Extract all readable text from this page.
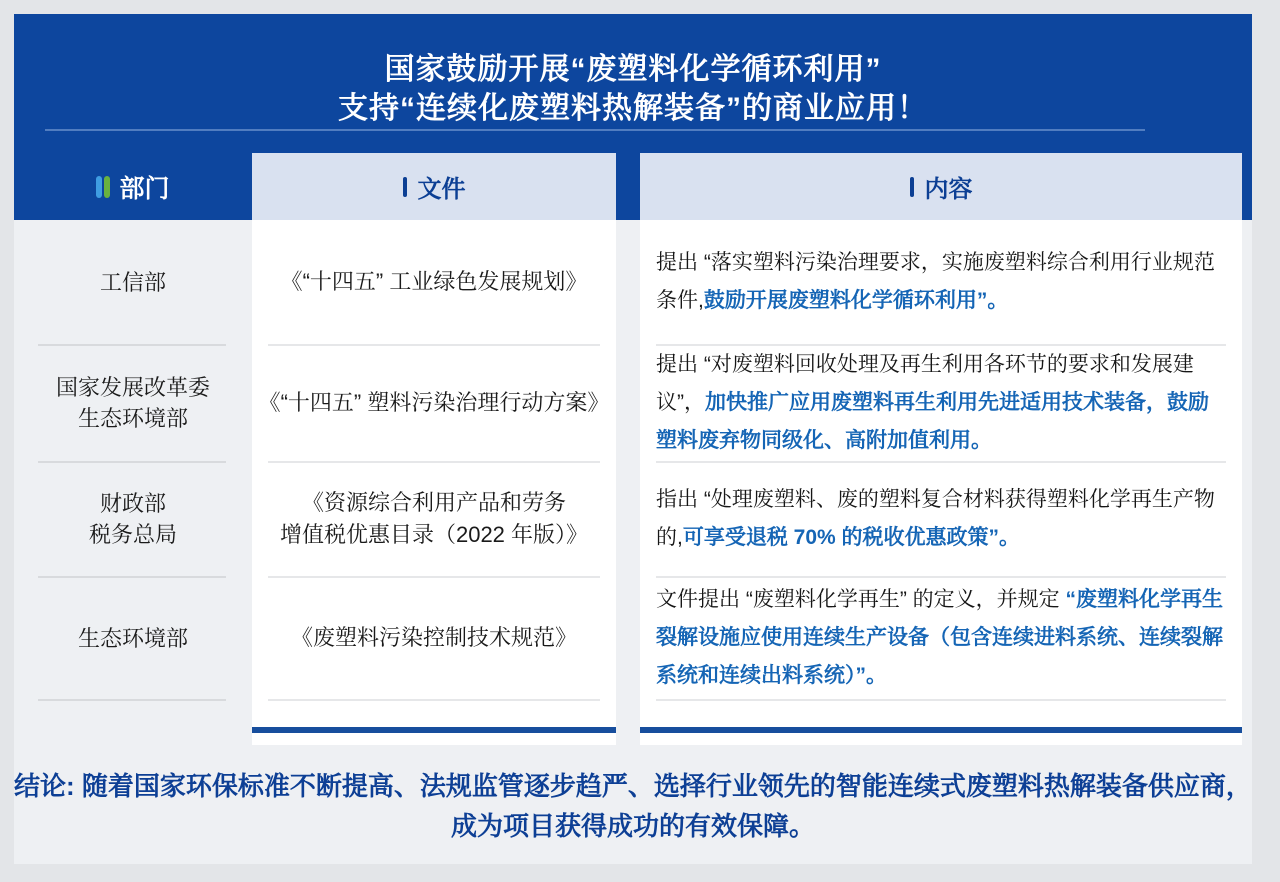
国家鼓励开展“废塑料化学循环利用”
支持“连续化废塑料热解装备”的商业应用！
部门	文件	内容
工信部
国家发展改革委
生态环境部
财政部
税务总局
生态环境部
《“十四五” 工业绿色发展规划》
《“十四五” 塑料污染治理行动方案》
《资源综合利用产品和劳务
增值税优惠目录（2022 年版）》
《废塑料污染控制技术规范》
提出 “落实塑料污染治理要求，实施废塑料综合利用行业规范条件,鼓励开展废塑料化学循环利用”。
提出 “对废塑料回收处理及再生利用各环节的要求和发展建议”，加快推广应用废塑料再生利用先进适用技术装备，鼓励塑料废弃物同级化、高附加值利用。
指出 “处理废塑料、废的塑料复合材料获得塑料化学再生产物的,可享受退税 70% 的税收优惠政策”。
文件提出 “废塑料化学再生” 的定义，并规定 “废塑料化学再生裂解设施应使用连续生产设备（包含连续进料系统、连续裂解系统和连续出料系统）”。
结论: 随着国家环保标准不断提高、法规监管逐步趋严、选择行业领先的智能连续式废塑料热解装备供应商，
成为项目获得成功的有效保障。
